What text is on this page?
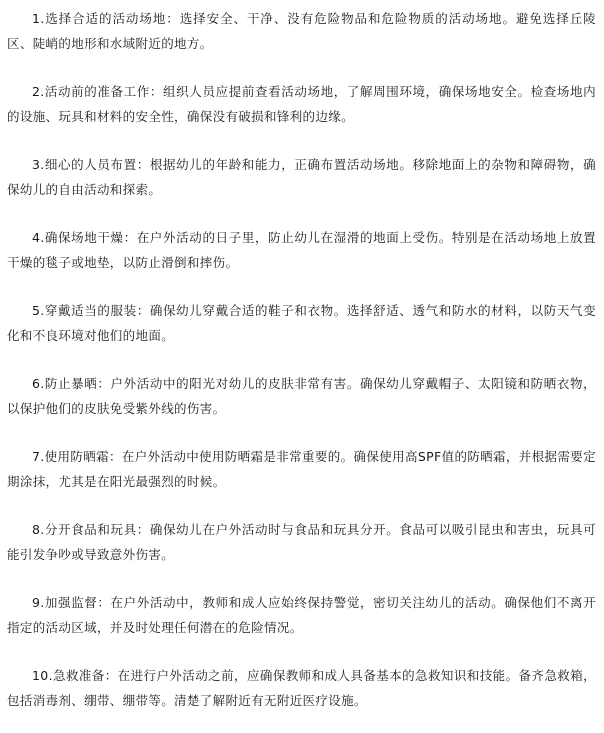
1.选择合适的活动场地：选择安全、干净、没有危险物品和危险物质的活动场地。避免选择丘陵区、陡峭的地形和水域附近的地方。

2.活动前的准备工作：组织人员应提前查看活动场地，了解周围环境，确保场地安全。检查场地内的设施、玩具和材料的安全性，确保没有破损和锋利的边缘。

3.细心的人员布置：根据幼儿的年龄和能力，正确布置活动场地。移除地面上的杂物和障碍物，确保幼儿的自由活动和探索。

4.确保场地干燥：在户外活动的日子里，防止幼儿在湿滑的地面上受伤。特别是在活动场地上放置干燥的毯子或地垫，以防止滑倒和摔伤。

5.穿戴适当的服装：确保幼儿穿戴合适的鞋子和衣物。选择舒适、透气和防水的材料，以防天气变化和不良环境对他们的地面。

6.防止暴晒：户外活动中的阳光对幼儿的皮肤非常有害。确保幼儿穿戴帽子、太阳镜和防晒衣物，以保护他们的皮肤免受紫外线的伤害。

7.使用防晒霜：在户外活动中使用防晒霜是非常重要的。确保使用高SPF值的防晒霜，并根据需要定期涂抹，尤其是在阳光最强烈的时候。

8.分开食品和玩具：确保幼儿在户外活动时与食品和玩具分开。食品可以吸引昆虫和害虫，玩具可能引发争吵或导致意外伤害。

9.加强监督：在户外活动中，教师和成人应始终保持警觉，密切关注幼儿的活动。确保他们不离开指定的活动区域，并及时处理任何潜在的危险情况。

10.急救准备：在进行户外活动之前，应确保教师和成人具备基本的急救知识和技能。备齐急救箱，包括消毒剂、绷带、绷带等。清楚了解附近有无附近医疗设施。
